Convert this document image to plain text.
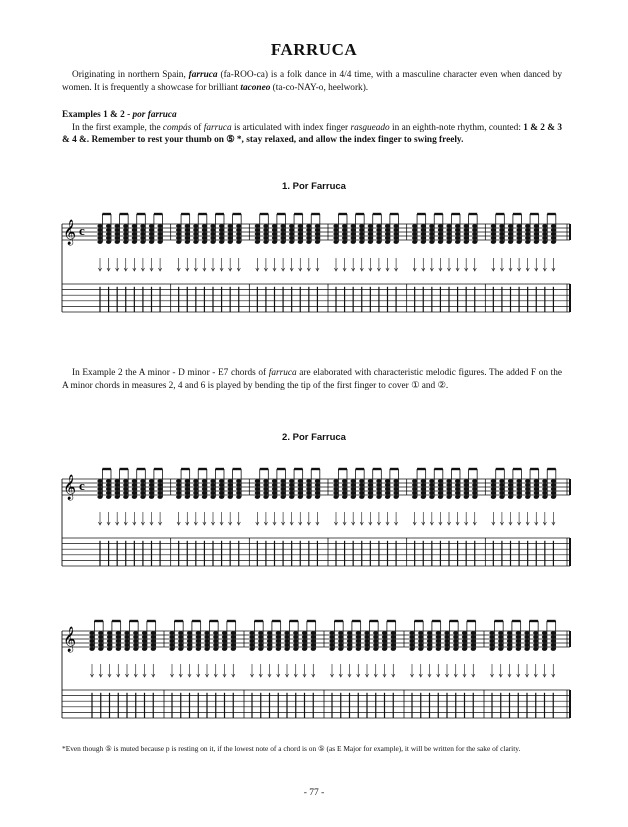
FARRUCA

Originating in northern Spain, farruca (fa-ROO-ca) is a folk dance in 4/4 time, with a masculine character even when danced by women. It is frequently a showcase for brilliant taconeo (ta-co-NAY-o, heelwork).

Examples 1 & 2 - por farruca

In the first example, the compás of farruca is articulated with index finger rasgueado in an eighth-note rhythm, counted: 1 & 2 & 3 & 4 &. Remember to rest your thumb on ⑤ *, stay relaxed, and allow the index finger to swing freely.

1. Por Farruca

In Example 2 the A minor - D minor - E7 chords of farruca are elaborated with characteristic melodic figures. The added F on the A minor chords in measures 2, 4 and 6 is played by bending the tip of the first finger to cover ① and ②.

2. Por Farruca
𝄞 c
𝄞 c
𝄞
*Even though ⑤ is muted because p is resting on it, if the lowest note of a chord is on ⑤ (as E Major for example), it will be written for the sake of clarity.
- 77 -
